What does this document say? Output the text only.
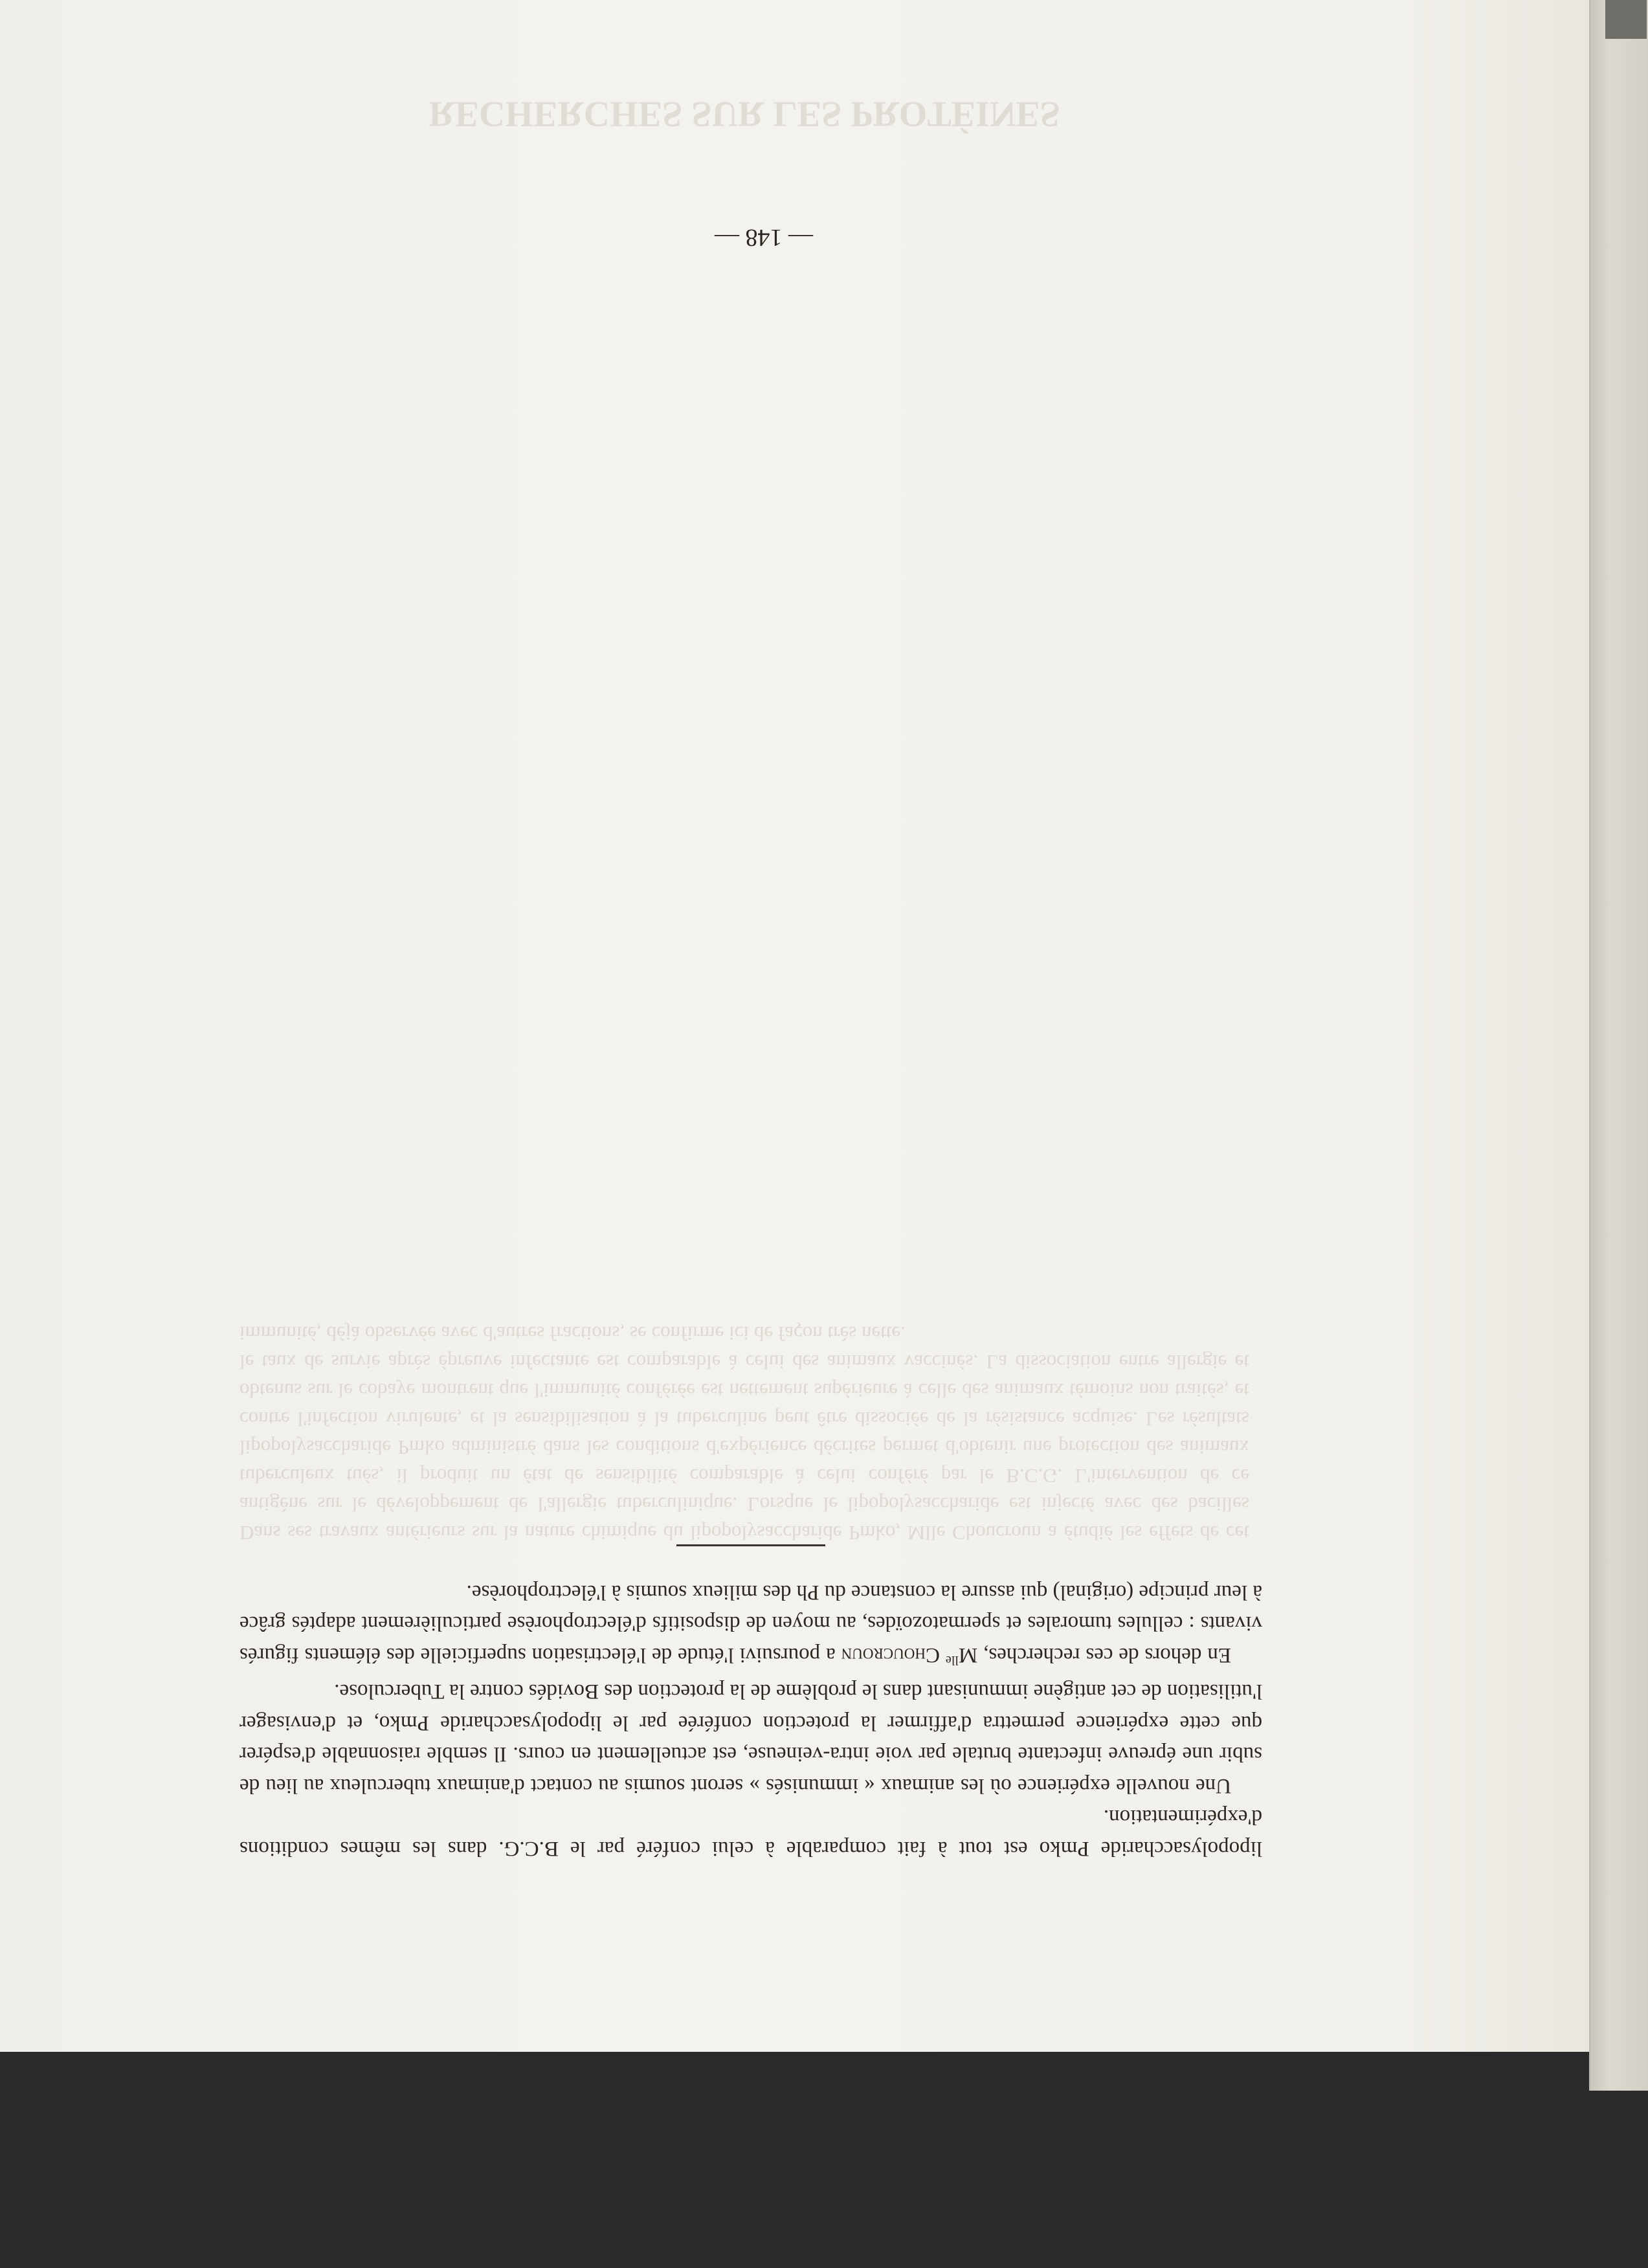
Dans ses travaux antérieurs sur la nature chimique du lipopolysaccharide Pmko, Mlle Choucroun a étudié les effets de cet antigène sur le développement de l'allergie tuberculinique. Lorsque le lipopolysaccharide est injecté avec des bacilles tuberculeux tués, il produit un état de sensibilité comparable à celui conféré par le B.C.G. L'intervention de ce lipopolysaccharide Pmko administré dans les conditions d'expérience décrites permet d'obtenir une protection des animaux contre l'infection virulente, et la sensibilisation à la tuberculine peut être dissociée de la résistance acquise. Les résultats obtenus sur le cobaye montrent que l'immunité conférée est nettement supérieure à celle des animaux témoins non traités, et le taux de survie après épreuve infectante est comparable à celui des animaux vaccinés. La dissociation entre allergie et immunité, déjà observée avec d'autres fractions, se confirme ici de façon très nette.
RECHERCHES SUR LES PROTÉINES
— 148 —

lipopolysaccharide Pmko est tout à fait comparable à celui conféré par le B.C.G. dans les mêmes conditions d'expérimentation.

Une nouvelle expérience où les animaux « immunisés » seront soumis au contact d'animaux tuberculeux au lieu de subir une épreuve infectante brutale par voie intra-veineuse, est actuellement en cours. Il semble raisonnable d'espérer que cette expérience permettra d'affirmer la protection conférée par le lipopolysaccharide Pmko, et d'envisager l'utilisation de cet antigène immunisant dans le problème de la protection des Bovidés contre la Tuberculose.

En dehors de ces recherches, $M^{lle}$ Choucroun a poursuivi l'étude de l'électrisation superficielle des éléments figurés vivants : cellules tumorales et spermatozoïdes, au moyen de dispositifs d'électrophorèse particulièrement adaptés grâce à leur principe (original) qui assure la constance du Ph des milieux soumis à l'électrophorèse.
